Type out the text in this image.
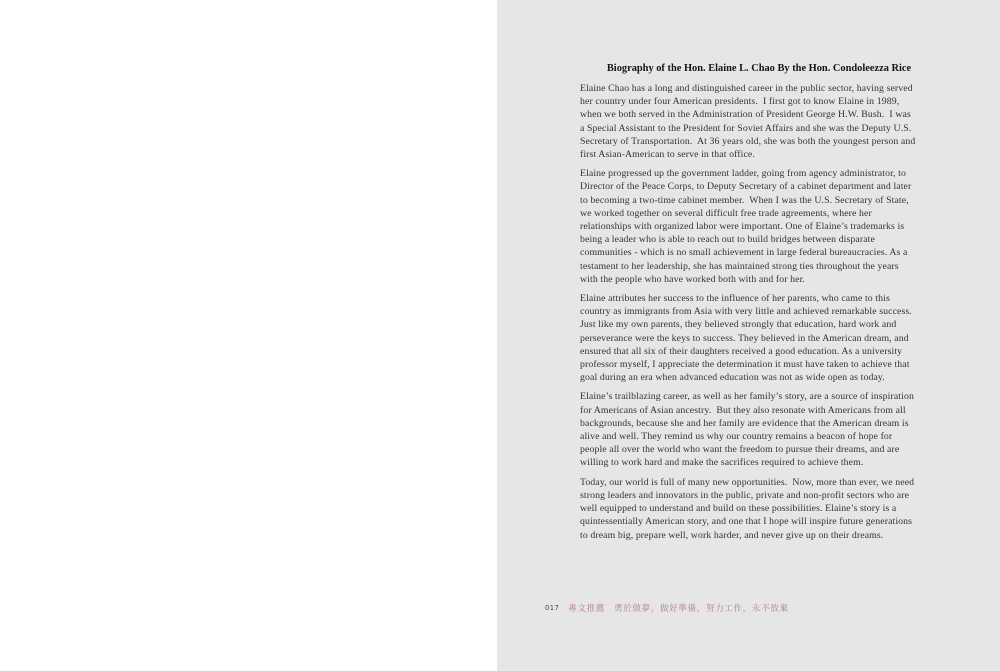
Biography of the Hon. Elaine L. Chao By the Hon. Condoleezza Rice
Elaine Chao has a long and distinguished career in the public sector, having served
her country under four American presidents.  I first got to know Elaine in 1989,
when we both served in the Administration of President George H.W. Bush.  I was
a Special Assistant to the President for Soviet Affairs and she was the Deputy U.S.
Secretary of Transportation.  At 36 years old, she was both the youngest person and
first Asian-American to serve in that office.
Elaine progressed up the government ladder, going from agency administrator, to
Director of the Peace Corps, to Deputy Secretary of a cabinet department and later
to becoming a two-time cabinet member.  When I was the U.S. Secretary of State,
we worked together on several difficult free trade agreements, where her
relationships with organized labor were important. One of Elaine’s trademarks is
being a leader who is able to reach out to build bridges between disparate
communities - which is no small achievement in large federal bureaucracies. As a
testament to her leadership, she has maintained strong ties throughout the years
with the people who have worked both with and for her.
Elaine attributes her success to the influence of her parents, who came to this
country as immigrants from Asia with very little and achieved remarkable success.
Just like my own parents, they believed strongly that education, hard work and
perseverance were the keys to success. They believed in the American dream, and
ensured that all six of their daughters received a good education. As a university
professor myself, I appreciate the determination it must have taken to achieve that
goal during an era when advanced education was not as wide open as today.
Elaine’s trailblazing career, as well as her family’s story, are a source of inspiration
for Americans of Asian ancestry.  But they also resonate with Americans from all
backgrounds, because she and her family are evidence that the American dream is
alive and well. They remind us why our country remains a beacon of hope for
people all over the world who want the freedom to pursue their dreams, and are
willing to work hard and make the sacrifices required to achieve them.
Today, our world is full of many new opportunities.  Now, more than ever, we need
strong leaders and innovators in the public, private and non-profit sectors who are
well equipped to understand and build on these possibilities. Elaine’s story is a
quintessentially American story, and one that I hope will inspire future generations
to dream big, prepare well, work harder, and never give up on their dreams.
017 專文推薦 勇於做夢，做好準備，努力工作，永不放棄
